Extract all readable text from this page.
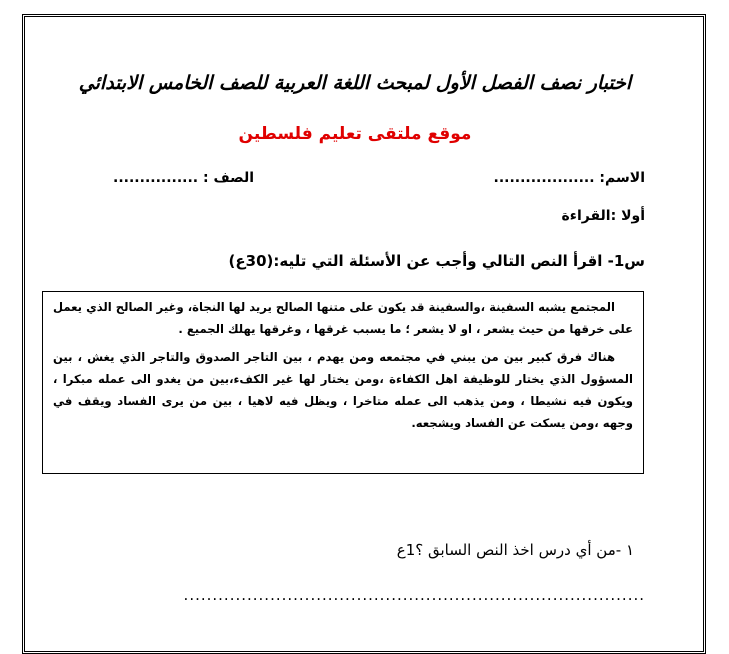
اختبار نصف الفصل الأول لمبحث اللغة العربية للصف الخامس الابتدائي
موقع ملتقى تعليم فلسطين
الاسم: ...................
الصف : ................
أولا :القراءة
س1- اقرأ النص التالي وأجب عن الأسئلة التي تليه:(30ع)

المجتمع يشبه السفينة ،والسفينة قد يكون على متنها الصالح يريد لها النجاة، وغير الصالح الذي يعمل على خرقها من حيث يشعر ، او لا يشعر ؛ ما يسبب غرقها ، وغرقها يهلك الجميع .

هناك فرق كبير بين من يبني في مجتمعه ومن يهدم ، بين التاجر الصدوق والتاجر الذي يغش ، بين المسؤول الذي يختار للوظيفة اهل الكفاءة ،ومن يختار لها غير الكفء،بين من يغدو الى عمله مبكرا ، ويكون فيه نشيطا ، ومن يذهب الى عمله متاخرا ، ويظل فيه لاهيا ، بين من يرى الفساد ويقف في وجهه ،ومن يسكت عن الفساد ويشجعه.

١ -من أي درس اخذ النص السابق ؟1ع
................................................................................
